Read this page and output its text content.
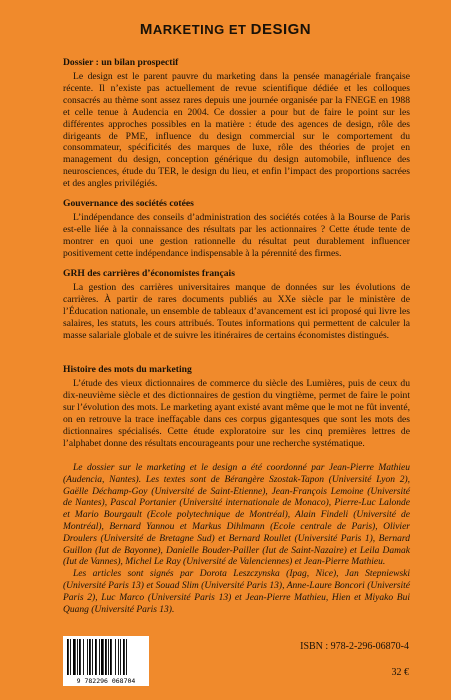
MARKETING ET DESIGN
Dossier : un bilan prospectif

Le design est le parent pauvre du marketing dans la pensée managériale française récente. Il n’existe pas actuellement de revue scientifique dédiée et les colloques consacrés au thème sont assez rares depuis une journée organisée par la FNEGE en 1988 et celle tenue à Audencia en 2004. Ce dossier a pour but de faire le point sur les différentes approches possibles en la matière : étude des agences de design, rôle des dirigeants de PME, influence du design commercial sur le comportement du consommateur, spécificités des marques de luxe, rôle des théories de projet en management du design, conception générique du design automobile, influence des neurosciences, étude du TER, le design du lieu, et enfin l’impact des proportions sacrées et des angles privilégiés.

Gouvernance des sociétés cotées

L’indépendance des conseils d’administration des sociétés cotées à la Bourse de Paris est-elle liée à la connaissance des résultats par les actionnaires ? Cette étude tente de montrer en quoi une gestion rationnelle du résultat peut durablement influencer positivement cette indépendance indispensable à la pérennité des firmes.

GRH des carrières d’économistes français

La gestion des carrières universitaires manque de données sur les évolutions de carrières. À partir de rares documents publiés au XXe siècle par le ministère de l’Éducation nationale, un ensemble de tableaux d’avancement est ici proposé qui livre les salaires, les statuts, les cours attribués. Toutes informations qui permettent de calculer la masse salariale globale et de suivre les itinéraires de certains économistes distingués.

Histoire des mots du marketing

L’étude des vieux dictionnaires de commerce du siècle des Lumières, puis de ceux du dix-neuvième siècle et des dictionnaires de gestion du vingtième, permet de faire le point sur l’évolution des mots. Le marketing ayant existé avant même que le mot ne fût inventé, on en retrouve la trace ineffaçable dans ces corpus gigantesques que sont les mots des dictionnaires spécialisés. Cette étude exploratoire sur les cinq premières lettres de l’alphabet donne des résultats encourageants pour une recherche systématique.

Le dossier sur le marketing et le design a été coordonné par Jean-Pierre Mathieu (Audencia, Nantes). Les textes sont de Bérangère Szostak-Tapon (Université Lyon 2), Gaëlle Déchamp-Goy (Université de Saint-Etienne), Jean-François Lemoine (Université de Nantes), Pascal Portanier (Université internationale de Monaco), Pierre-Luc Lalonde et Mario Bourgault (Ecole polytechnique de Montréal), Alain Findeli (Université de Montréal), Bernard Yannou et Markus Dihlmann (Ecole centrale de Paris), Olivier Droulers (Université de Bretagne Sud) et Bernard Roullet (Université Paris 1), Bernard Guillon (Iut de Bayonne), Danielle Bouder-Pailler (Iut de Saint-Nazaire) et Leila Damak (Iut de Vannes), Michel Le Ray (Université de Valenciennes) et Jean-Pierre Mathieu.

Les articles sont signés par Dorota Leszczynska (Ipag, Nice), Jan Stepniewski (Université Paris 13) et Souad Slim (Université Paris 13), Anne-Laure Boncori (Université Paris 2), Luc Marco (Université Paris 13) et Jean-Pierre Mathieu, Hien et Miyako Bui Quang (Université Paris 13).

9 782296 068704
ISBN : 978-2-296-06870-4
32 €
